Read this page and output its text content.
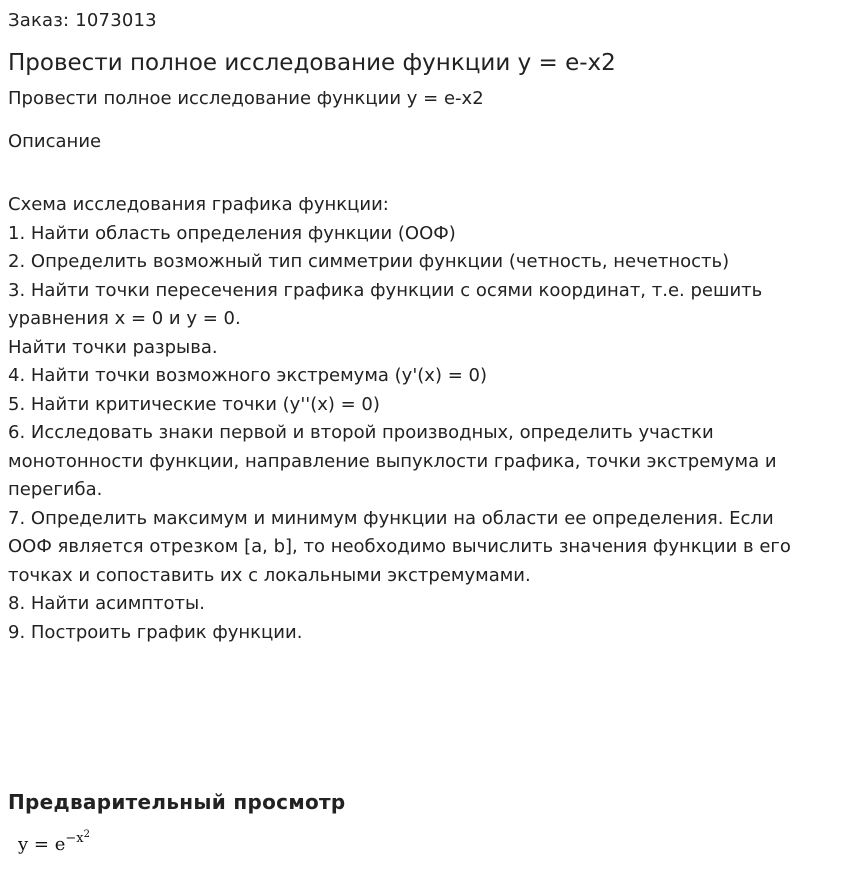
Заказ: 1073013
Провести полное исследование функции y = e-x2
Провести полное исследование функции y = e-x2
Описание
Схема исследования графика функции:
1. Найти область определения функции (ООФ)
2. Определить возможный тип симметрии функции (четность, нечетность)
3. Найти точки пересечения графика функции с осями координат, т.е. решить
уравнения x = 0 и y = 0.
Найти точки разрыва.
4. Найти точки возможного экстремума (y'(x) = 0)
5. Найти критические точки (y''(x) = 0)
6. Исследовать знаки первой и второй производных, определить участки
монотонности функции, направление выпуклости графика, точки экстремума и
перегиба.
7. Определить максимум и минимум функции на области ее определения. Если
ООФ является отрезком [a, b], то необходимо вычислить значения функции в его
точках и сопоставить их с локальными экстремумами.
8. Найти асимптоты.
9. Построить график функции.
Предварительный просмотр
$y = e^{-x^2}$
